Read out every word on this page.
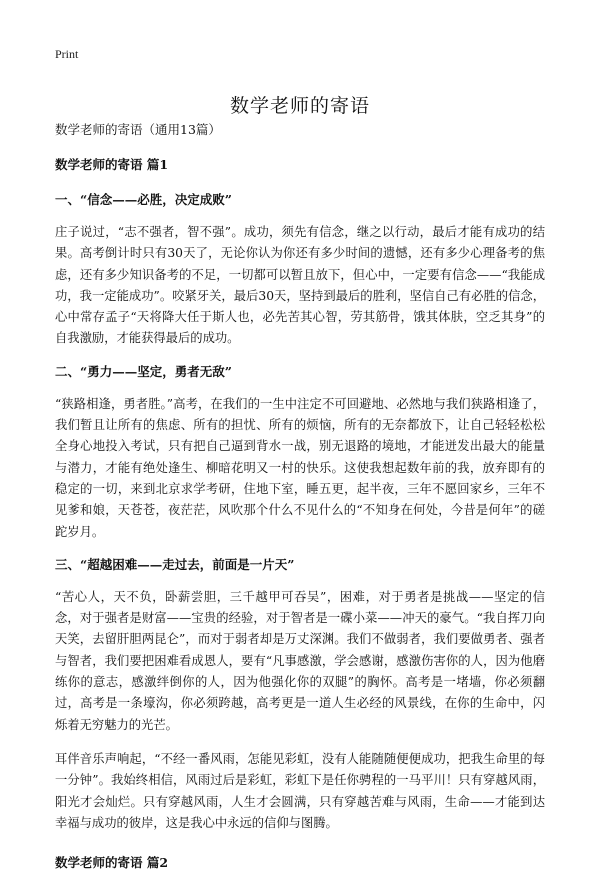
Print
数学老师的寄语
数学老师的寄语（通用13篇）
数学老师的寄语 篇1
一、“信念——必胜，决定成败”

庄子说过，“志不强者，智不强”。成功，须先有信念，继之以行动，最后才能有成功的结果。高考倒计时只有30天了，无论你认为你还有多少时间的遗憾，还有多少心理备考的焦虑，还有多少知识备考的不足，一切都可以暂且放下，但心中，一定要有信念——“我能成功，我一定能成功”。咬紧牙关，最后30天，坚持到最后的胜利，坚信自己有必胜的信念，心中常存孟子“天将降大任于斯人也，必先苦其心智，劳其筋骨，饿其体肤，空乏其身”的自我激励，才能获得最后的成功。

二、“勇力——坚定，勇者无敌”

“狭路相逢，勇者胜。”高考，在我们的一生中注定不可回避地、必然地与我们狭路相逢了，我们暂且让所有的焦虑、所有的担忧、所有的烦恼，所有的无奈都放下，让自己轻轻松松全身心地投入考试，只有把自己逼到背水一战，别无退路的境地，才能迸发出最大的能量与潜力，才能有绝处逢生、柳暗花明又一村的快乐。这使我想起数年前的我，放弃即有的稳定的一切，来到北京求学考研，住地下室，睡五更，起半夜，三年不愿回家乡，三年不见爹和娘，天苍苍，夜茫茫，风吹那个什么不见什么的“不知身在何处，今昔是何年”的磋跎岁月。

三、“超越困难——走过去，前面是一片天”

“苦心人，天不负，卧薪尝胆，三千越甲可吞吴”，困难，对于勇者是挑战——坚定的信念，对于强者是财富——宝贵的经验，对于智者是一碟小菜——冲天的豪气。“我自挥刀向天笑，去留肝胆两昆仑”，而对于弱者却是万丈深渊。我们不做弱者，我们要做勇者、强者与智者，我们要把困难看成恩人，要有“凡事感激，学会感谢，感激伤害你的人，因为他磨练你的意志，感激绊倒你的人，因为他强化你的双腿”的胸怀。高考是一堵墙，你必须翻过，高考是一条壕沟，你必须跨越，高考更是一道人生必经的风景线，在你的生命中，闪烁着无穷魅力的光芒。

耳伴音乐声响起，“不经一番风雨，怎能见彩虹，没有人能随随便便成功，把我生命里的每一分钟”。我始终相信，风雨过后是彩虹，彩虹下是任你骋程的一马平川！只有穿越风雨，阳光才会灿烂。只有穿越风雨，人生才会圆满，只有穿越苦难与风雨，生命——才能到达幸福与成功的彼岸，这是我心中永远的信仰与图腾。

数学老师的寄语 篇2
